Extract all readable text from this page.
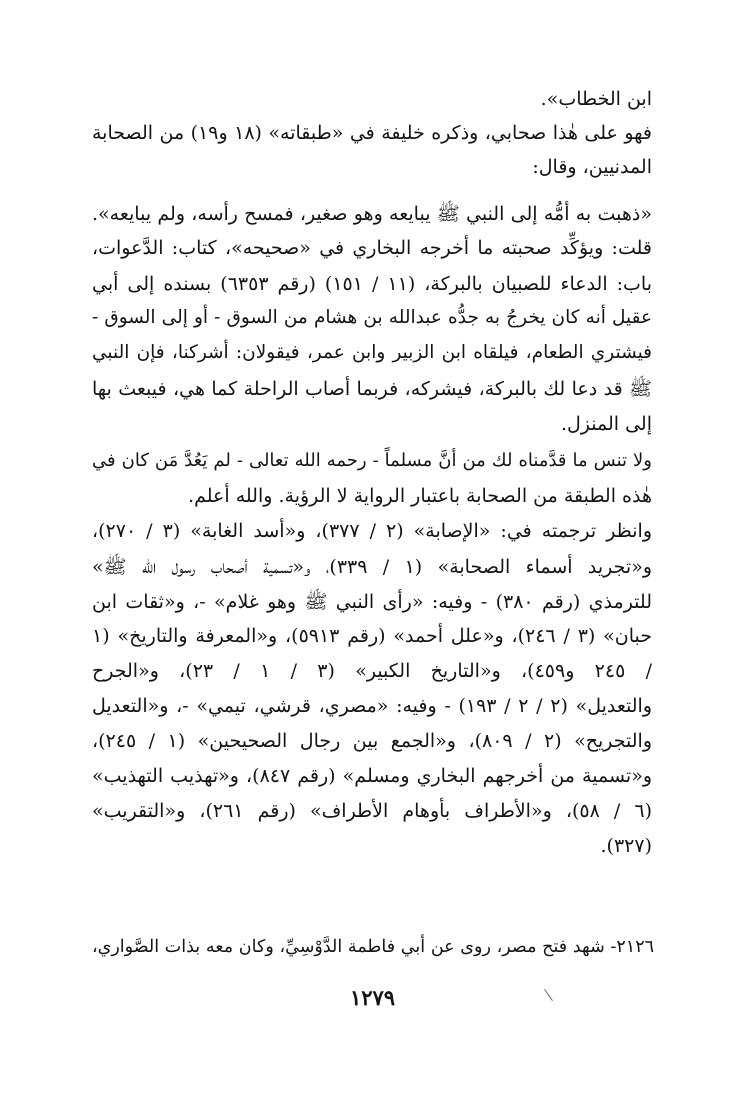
ابن الخطاب».
فهو على هٰذا صحابي، وذكره خليفة في «طبقاته» (١٨ و١٩) من الصحابة
المدنيين، وقال:
«ذهبت به أمُّه إلى النبي ﷺ يبايعه وهو صغير، فمسح رأسه، ولم يبايعه».
قلت: ويؤكِّد صحبته ما أخرجه البخاري في «صحيحه»، كتاب: الدَّعوات،
باب: الدعاء للصبيان بالبركة، (١١ / ١٥١) (رقم ٦٣٥٣) بسنده إلى أبي
عقيل أنه كان يخرجُ به جدُّه عبدالله بن هشام من السوق - أو إلى السوق -
فيشتري الطعام، فيلقاه ابن الزبير وابن عمر، فيقولان: أشركنا، فإن النبي
ﷺ قد دعا لك بالبركة، فيشركه، فربما أصاب الراحلة كما هي، فيبعث بها
إلى المنزل.
ولا تنس ما قدَّمناه لك من أنَّ مسلماً - رحمه الله تعالى - لم يَعُدَّ مَن كان في
هٰذه الطبقة من الصحابة باعتبار الرواية لا الرؤية. والله أعلم.
وانظر ترجمته في: «الإصابة» (٢ / ٣٧٧)، و«أسد الغابة» (٣ / ٢٧٠)،
و«تجريد أسماء الصحابة» (١ / ٣٣٩)، و«تسمية أصحاب رسول الله ﷺ»
للترمذي (رقم ٣٨٠) - وفيه: «رأى النبي ﷺ وهو غلام» -، و«ثقات ابن
حبان» (٣ / ٢٤٦)، و«علل أحمد» (رقم ٥٩١٣)، و«المعرفة والتاريخ» (١
/ ٢٤٥ و٤٥٩)، و«التاريخ الكبير» (٣ / ١ / ٢٣)، و«الجرح
والتعديل» (٢ / ٢ / ١٩٣) - وفيه: «مصري، قرشي، تيمي» -، و«التعديل
والتجريح» (٢ / ٨٠٩)، و«الجمع بين رجال الصحيحين» (١ / ٢٤٥)،
و«تسمية من أخرجهم البخاري ومسلم» (رقم ٨٤٧)، و«تهذيب التهذيب»
(٦ / ٥٨)، و«الأطراف بأوهام الأطراف» (رقم ٢٦١)، و«التقريب»
(٣٢٧).
٢١٢٦- شهد فتح مصر، روى عن أبي فاطمة الدَّوْسِيِّ، وكان معه بذات الصَّواري،
١٢٧٩
